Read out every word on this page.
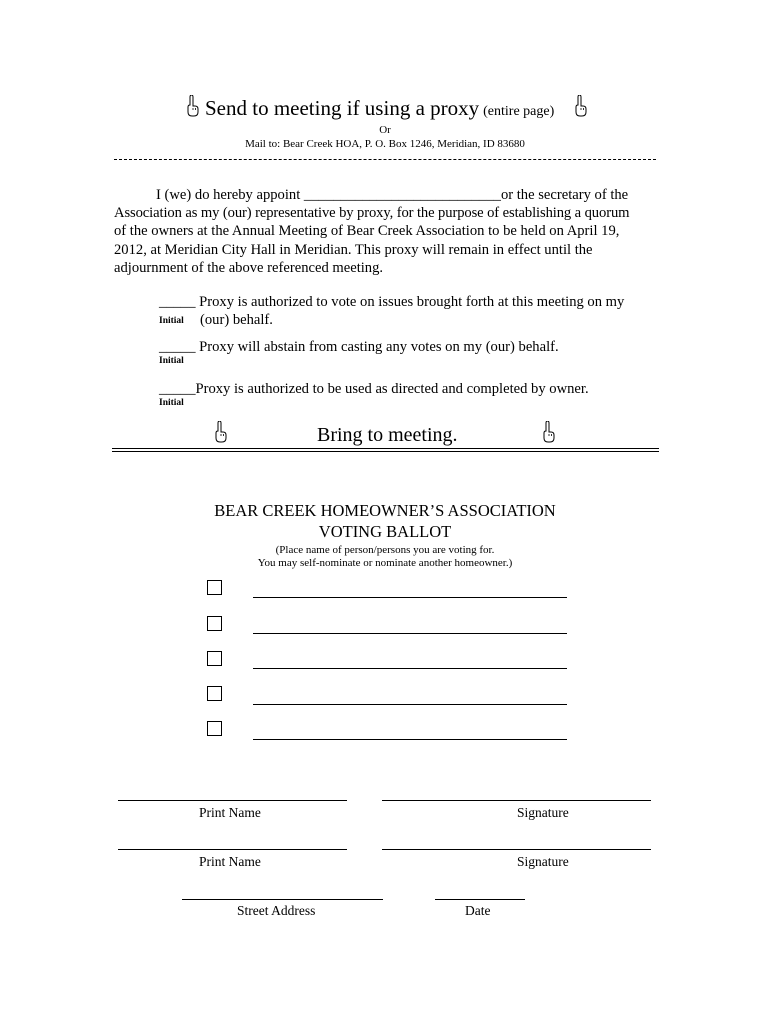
Send to meeting if using a proxy (entire page)
Or
Mail to: Bear Creek HOA, P. O. Box 1246, Meridian, ID 83680
I (we) do hereby appoint ___________________________or the secretary of the
Association as my (our) representative by proxy, for the purpose of establishing a quorum
of the owners at the Annual Meeting of Bear Creek Association to be held on April 19,
2012, at Meridian City Hall in Meridian. This proxy will remain in effect until the
adjournment of the above referenced meeting.
_____ Proxy is authorized to vote on issues brought forth at this meeting on my
Initial (our) behalf.
_____ Proxy will abstain from casting any votes on my (our) behalf.
Initial
_____Proxy is authorized to be used as directed and completed by owner.
Initial
Bring to meeting.
BEAR CREEK HOMEOWNER’S ASSOCIATION
VOTING BALLOT
(Place name of person/persons you are voting for.
You may self-nominate or nominate another homeowner.)
Print Name	Signature
Print Name	Signature
Street Address	Date
